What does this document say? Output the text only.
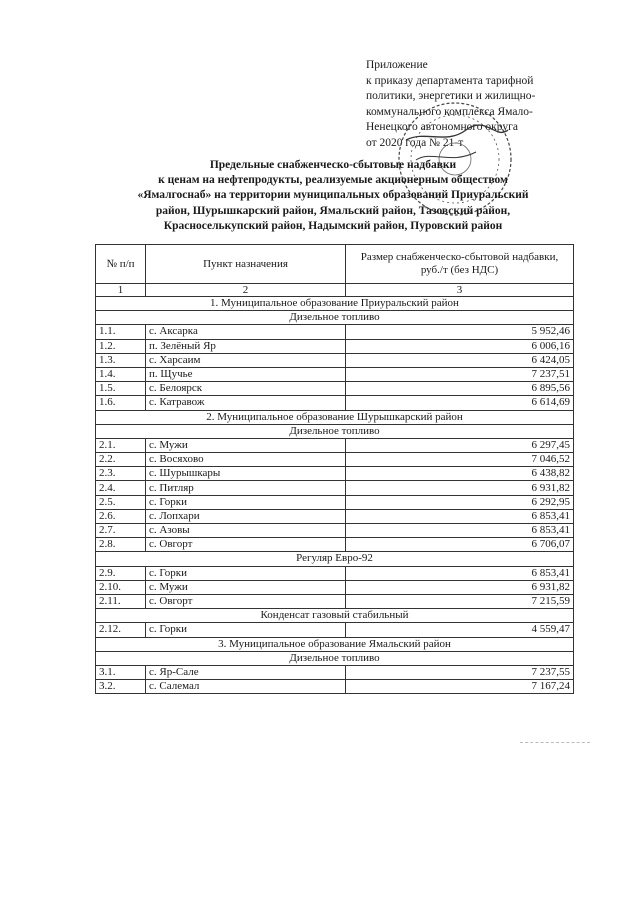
Приложение
к приказу департамента тарифной
политики, энергетики и жилищно-
коммунального комплекса Ямало-
Ненецкого автономного округа
от 2020 года № 21-т
Предельные снабженческо-сбытовые надбавки
к ценам на нефтепродукты, реализуемые акционерным обществом
«Ямалгоснаб» на территории муниципальных образований Приуральский
район, Шурышкарский район, Ямальский район, Тазовский район,
Красноселькупский район, Надымский район, Пуровский район
№ п/п	Пункт назначения	Размер снабженческо-сбытовой надбавки, руб./т (без НДС)
1	2	3
1. Муниципальное образование Приуральский район		
Дизельное топливо		
1.1.	с. Аксарка	5 952,46
1.2.	п. Зелёный Яр	6 006,16
1.3.	с. Харсаим	6 424,05
1.4.	п. Щучье	7 237,51
1.5.	с. Белоярск	6 895,56
1.6.	с. Катравож	6 614,69
2. Муниципальное образование Шурышкарский район		
Дизельное топливо		
2.1.	с. Мужи	6 297,45
2.2.	с. Восяхово	7 046,52
2.3.	с. Шурышкары	6 438,82
2.4.	с. Питляр	6 931,82
2.5.	с. Горки	6 292,95
2.6.	с. Лопхари	6 853,41
2.7.	с. Азовы	6 853,41
2.8.	с. Овгорт	6 706,07
Регуляр Евро-92		
2.9.	с. Горки	6 853,41
2.10.	с. Мужи	6 931,82
2.11.	с. Овгорт	7 215,59
Конденсат газовый стабильный		
2.12.	с. Горки	4 559,47
3. Муниципальное образование Ямальский район		
Дизельное топливо		
3.1.	с. Яр-Сале	7 237,55
3.2.	с. Салемал	7 167,24
